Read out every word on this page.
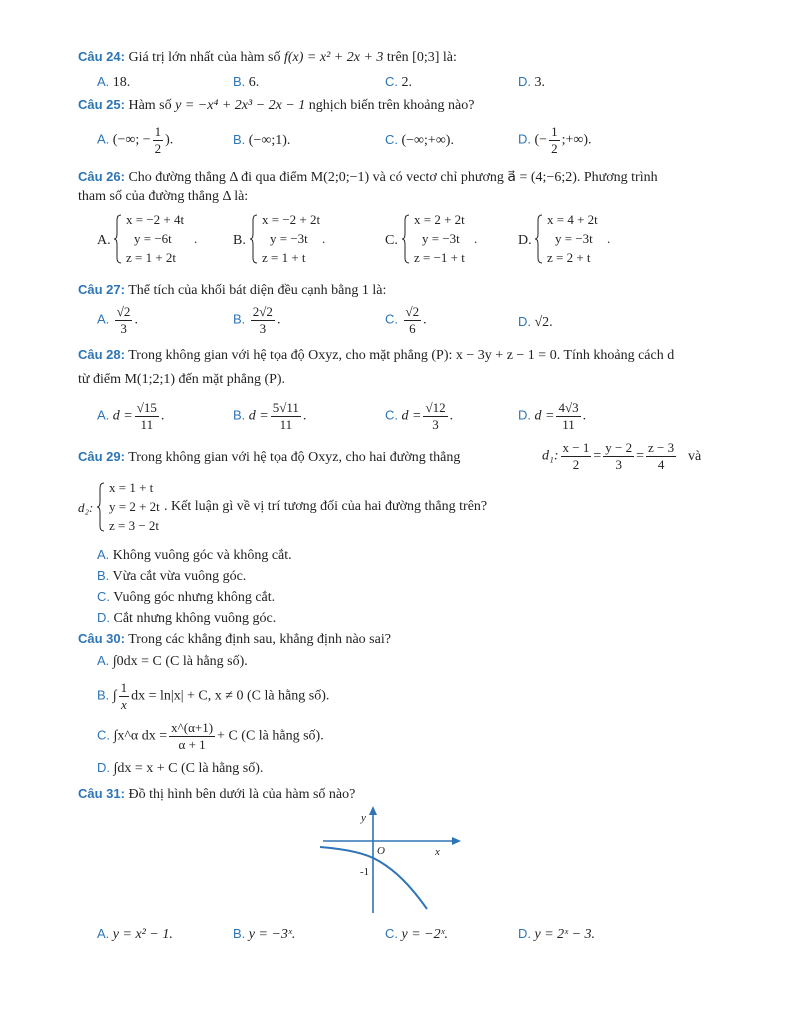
Câu 24: Giá trị lớn nhất của hàm số f(x) = x² + 2x + 3 trên [0;3] là:
A. 18.	B. 6.	C. 2.	D. 3.
Câu 25: Hàm số y = −x⁴ + 2x³ − 2x − 1 nghịch biến trên khoảng nào?
A. (−∞; − $\frac{1}{2}$ ).	B. (−∞;1).	C. (−∞;+∞).	D. (− $\frac{1}{2}$ ;+∞).
Câu 26: Cho đường thẳng Δ đi qua điểm M(2;0;−1) và có vectơ chỉ phương a⃗ = (4;−6;2). Phương trình
tham số của đường thẳng Δ là:
A.
x = −2 + 4t
y = −6t
z = 1 + 2t
.	B.
x = −2 + 2t
y = −3t
z = 1 + t
.	C.
x = 2 + 2t
y = −3t
z = −1 + t
.	D.
x = 4 + 2t
y = −3t
z = 2 + t
.
Câu 27: Thể tích của khối bát diện đều cạnh bằng 1 là:
A. $\frac{√2}{3}$ .	B. $\frac{2√2}{3}$ .	C. $\frac{√2}{6}$ .	D. √2.
Câu 28: Trong không gian với hệ tọa độ Oxyz, cho mặt phẳng (P): x − 3y + z − 1 = 0. Tính khoảng cách d
từ điểm M(1;2;1) đến mặt phẳng (P).
A. $d = \frac{√15}{11}$ .	B. $d = \frac{5√11}{11}$ .	C. $d = \frac{√12}{3}$ .	D. $d = \frac{4√3}{11}$ .
Câu 29: Trong không gian với hệ tọa độ Oxyz, cho hai đường thẳng	d₁: $\frac{x - 1}{2} = \frac{y - 2}{3} = \frac{z - 3}{4}$ và
d₂:
x = 1 + t
y = 2 + 2t
z = 3 − 2t
. Kết luận gì về vị trí tương đối của hai đường thẳng trên?
A. Không vuông góc và không cắt.
B. Vừa cắt vừa vuông góc.
C. Vuông góc nhưng không cắt.
D. Cắt nhưng không vuông góc.
Câu 30: Trong các khẳng định sau, khẳng định nào sai?
A. ∫0dx = C (C là hằng số).
B. ∫ $\frac{1}{x}$ dx = ln|x| + C, x ≠ 0 (C là hằng số).
C. ∫x^α dx = $\frac{x\^{}(\alpha+1)}{\alpha + 1} + C$ (C là hằng số).
D. ∫dx = x + C (C là hằng số).
Câu 31: Đồ thị hình bên dưới là của hàm số nào?
y
x
O
-1
A. y = x² − 1.	B. y = −3ˣ.	C. y = −2ˣ.	D. y = 2ˣ − 3.
